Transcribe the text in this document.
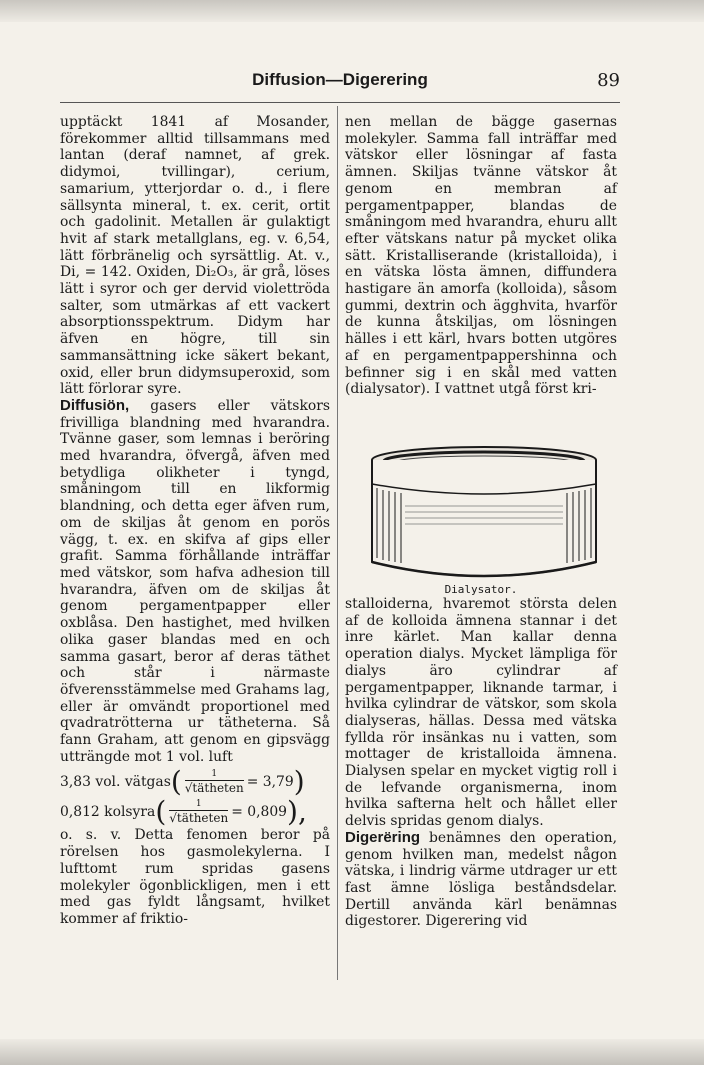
Diffusion—Digerering	89

upptäckt 1841 af Mosander, förekommer alltid tillsammans med lantan (deraf namnet, af grek. didymoi, tvillingar), cerium, samarium, ytterjordar o. d., i flere sällsynta mineral, t. ex. cerit, ortit och gadolinit. Metallen är gulaktigt hvit af stark metallglans, eg. v. 6,54, lätt förbränelig och syrsättlig. At. v., Di, = 142. Oxiden, Di₂O₃, är grå, löses lätt i syror och ger dervid violettröda salter, som utmärkas af ett vackert absorptionsspektrum. Didym har äfven en högre, till sin sammansättning icke säkert bekant, oxid, eller brun didymsuperoxid, som lätt förlorar syre.

Diffusiön, gasers eller vätskors frivilliga blandning med hvarandra. Tvänne gaser, som lemnas i beröring med hvarandra, öfvergå, äfven med betydliga olikheter i tyngd, småningom till en likformig blandning, och detta eger äfven rum, om de skiljas åt genom en porös vägg, t. ex. en skifva af gips eller grafit. Samma förhållande inträffar med vätskor, som hafva adhesion till hvarandra, äfven om de skiljas åt genom pergamentpapper eller oxblåsa. Den hastighet, med hvilken olika gaser blandas med en och samma gasart, beror af deras täthet och står i närmaste öfverensstämmelse med Grahams lag, eller är omvändt proportionel med qvadratrötterna ur tätheterna. Så fann Graham, att genom en gipsvägg utträngde mot 1 vol. luft

3,83 vol. vätgas ( $\frac{1}{\text{√tätheten}} = 3,79$ )
0,812 kolsyra ( $\frac{1}{\text{√tätheten}} = 0,809$ ),

o. s. v. Detta fenomen beror på rörelsen hos gasmolekylerna. I lufttomt rum spridas gasens molekyler ögonblickligen, men i ett med gas fyldt långsamt, hvilket kommer af friktio-

nen mellan de bägge gasernas molekyler. Samma fall inträffar med vätskor eller lösningar af fasta ämnen. Skiljas tvänne vätskor åt genom en membran af pergamentpapper, blandas de småningom med hvarandra, ehuru allt efter vätskans natur på mycket olika sätt. Kristalliserande (kristalloida), i en vätska lösta ämnen, diffundera hastigare än amorfa (kolloida), såsom gummi, dextrin och ägghvita, hvarför de kunna åtskiljas, om lösningen hälles i ett kärl, hvars botten utgöres af en pergamentpappershinna och befinner sig i en skål med vatten (dialysator). I vattnet utgå först kri-

Dialysator.

stalloiderna, hvaremot största delen af de kolloida ämnena stannar i det inre kärlet. Man kallar denna operation dialys. Mycket lämpliga för dialys äro cylindrar af pergamentpapper, liknande tarmar, i hvilka cylindrar de vätskor, som skola dialyseras, hällas. Dessa med vätska fyllda rör insänkas nu i vatten, som mottager de kristalloida ämnena. Dialysen spelar en mycket vigtig roll i de lefvande organismerna, inom hvilka safterna helt och hållet eller delvis spridas genom dialys.

Digerëring benämnes den operation, genom hvilken man, medelst någon vätska, i lindrig värme utdrager ur ett fast ämne lösliga beståndsdelar. Dertill använda kärl benämnas digestorer. Digerering vid
